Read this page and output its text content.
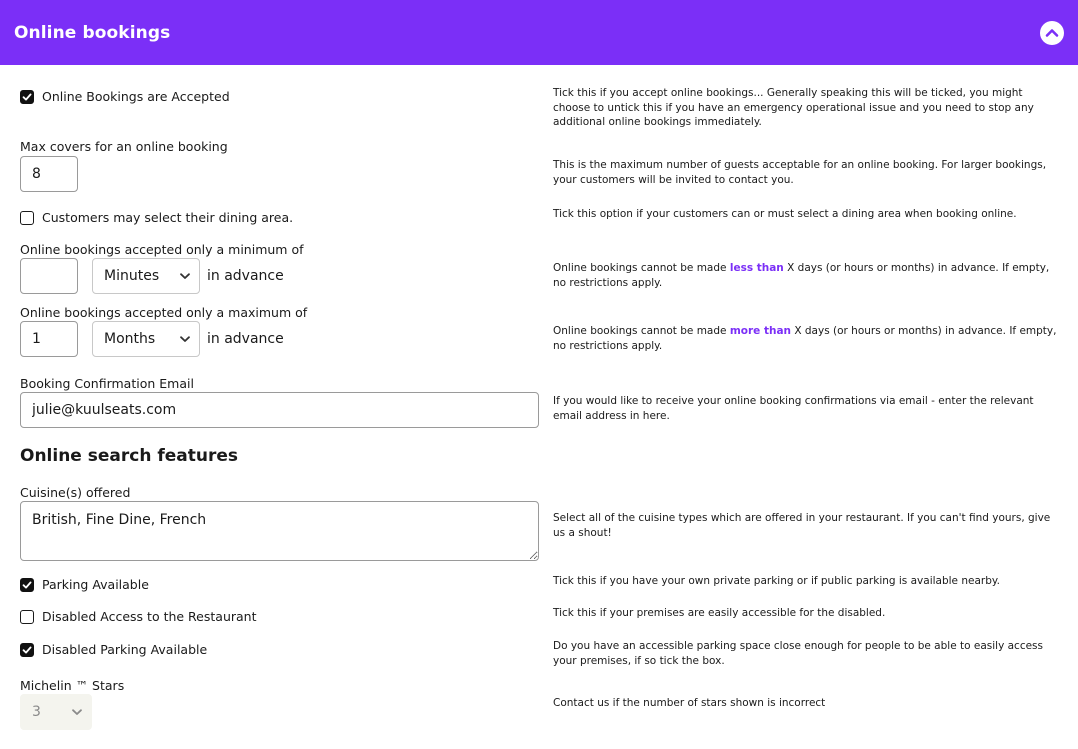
Online bookings
Online Bookings are Accepted	Tick this if you accept online bookings... Generally speaking this will be ticked, you might choose to untick this if you have an emergency operational issue and you need to stop any additional online bookings immediately.
Max covers for an online booking
8
This is the maximum number of guests acceptable for an online booking. For larger bookings, your customers will be invited to contact you.
Customers may select their dining area.	Tick this option if your customers can or must select a dining area when booking online.
Online bookings accepted only a minimum of
Minutes	in advance	Online bookings cannot be made less than X days (or hours or months) in advance. If empty, no restrictions apply.
Online bookings accepted only a maximum of
1
Months	in advance	Online bookings cannot be made more than X days (or hours or months) in advance. If empty, no restrictions apply.
Booking Confirmation Email
julie@kuulseats.com
If you would like to receive your online booking confirmations via email - enter the relevant email address in here.
Online search features
Cuisine(s) offered
British, Fine Dine, French
Select all of the cuisine types which are offered in your restaurant. If you can't find yours, give us a shout!
Parking Available	Tick this if you have your own private parking or if public parking is available nearby.
Disabled Access to the Restaurant	Tick this if your premises are easily accessible for the disabled.
Disabled Parking Available	Do you have an accessible parking space close enough for people to be able to easily access your premises, if so tick the box.
Michelin ™ Stars
3
Contact us if the number of stars shown is incorrect
